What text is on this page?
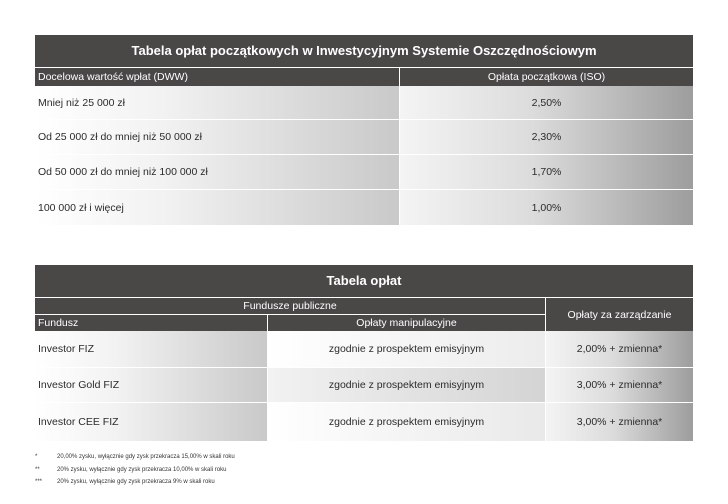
Tabela opłat początkowych w Inwestycyjnym Systemie Oszczędnościowym
Docelowa wartość wpłat (DWW)	Opłata początkowa (ISO)
Mniej niż 25 000 zł	2,50%
Od 25 000 zł do mniej niż 50 000 zł	2,30%
Od 50 000 zł do mniej niż 100 000 zł	1,70%
100 000 zł i więcej	1,00%
Tabela opłat
Fundusze publiczne
Fundusz	Opłaty manipulacyjne
Opłaty za zarządzanie
Investor FIZ	zgodnie z prospektem emisyjnym	2,00% + zmienna*
Investor Gold FIZ	zgodnie z prospektem emisyjnym	3,00% + zmienna*
Investor CEE FIZ	zgodnie z prospektem emisyjnym	3,00% + zmienna*
*	20,00% zysku, wyłącznie gdy zysk przekracza 15,00% w skali roku
**	20% zysku, wyłącznie gdy zysk przekracza 10,00% w skali roku
***	20% zysku, wyłącznie gdy zysk przekracza 9% w skali roku
